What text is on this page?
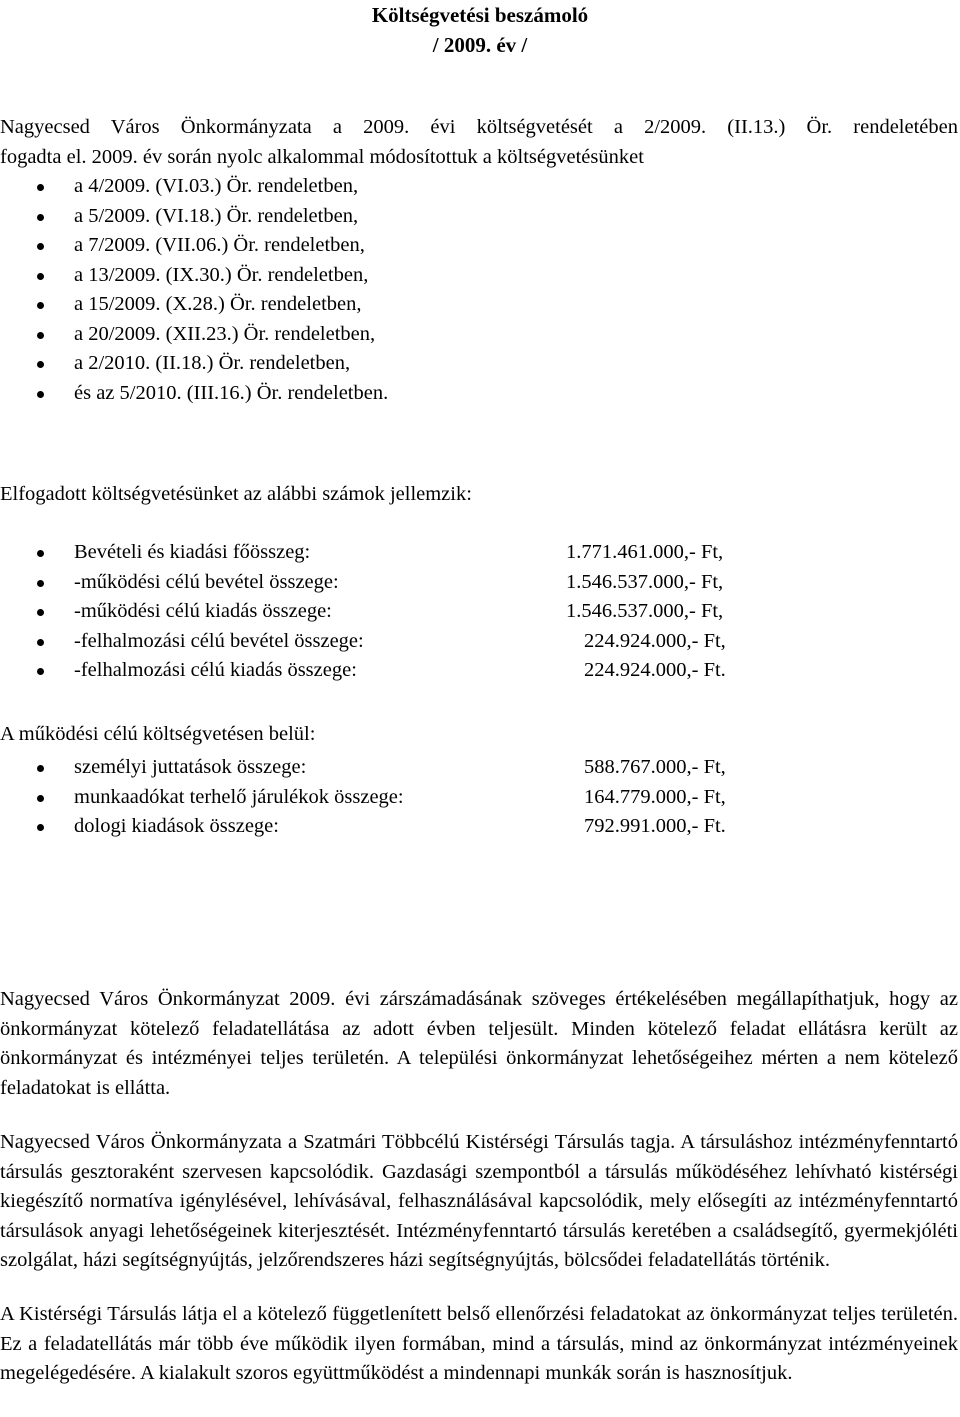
Költségvetési beszámoló
/ 2009. év /
Nagyecsed Város Önkormányzata a 2009. évi költségvetését a 2/2009. (II.13.) Ör. rendeletében
fogadta el. 2009. év során nyolc alkalommal módosítottuk a költségvetésünket
a 4/2009. (VI.03.) Ör. rendeletben,
a 5/2009. (VI.18.) Ör. rendeletben,
a 7/2009. (VII.06.) Ör. rendeletben,
a 13/2009. (IX.30.) Ör. rendeletben,
a 15/2009. (X.28.) Ör. rendeletben,
a 20/2009. (XII.23.) Ör. rendeletben,
a 2/2010. (II.18.) Ör. rendeletben,
és az 5/2010. (III.16.) Ör. rendeletben.
Elfogadott költségvetésünket az alábbi számok jellemzik:
Bevételi és kiadási főösszeg:	1.771.461.000,- Ft,
-működési célú bevétel összege:	1.546.537.000,- Ft,
-működési célú kiadás összege:	1.546.537.000,- Ft,
-felhalmozási célú bevétel összege:	224.924.000,- Ft,
-felhalmozási célú kiadás összege:	224.924.000,- Ft.
A működési célú költségvetésen belül:
személyi juttatások összege:	588.767.000,- Ft,
munkaadókat terhelő járulékok összege:	164.779.000,- Ft,
dologi kiadások összege:	792.991.000,- Ft.

Nagyecsed Város Önkormányzat 2009. évi zárszámadásának szöveges értékelésében megállapíthatjuk, hogy az önkormányzat kötelező feladatellátása az adott évben teljesült. Minden kötelező feladat ellátásra került az önkormányzat és intézményei teljes területén. A települési önkormányzat lehetőségeihez mérten a nem kötelező feladatokat is ellátta.

Nagyecsed Város Önkormányzata a Szatmári Többcélú Kistérségi Társulás tagja. A társuláshoz intézményfenntartó társulás gesztoraként szervesen kapcsolódik. Gazdasági szempontból a társulás működéséhez lehívható kistérségi kiegészítő normatíva igénylésével, lehívásával, felhasználásával kapcsolódik, mely elősegíti az intézményfenntartó társulások anyagi lehetőségeinek kiterjesztését. Intézményfenntartó társulás keretében a családsegítő, gyermekjóléti szolgálat, házi segítségnyújtás, jelzőrendszeres házi segítségnyújtás, bölcsődei feladatellátás történik.

A Kistérségi Társulás látja el a kötelező függetlenített belső ellenőrzési feladatokat az önkormányzat teljes területén. Ez a feladatellátás már több éve működik ilyen formában, mind a társulás, mind az önkormányzat intézményeinek megelégedésére. A kialakult szoros együttműködést a mindennapi munkák során is hasznosítjuk.
